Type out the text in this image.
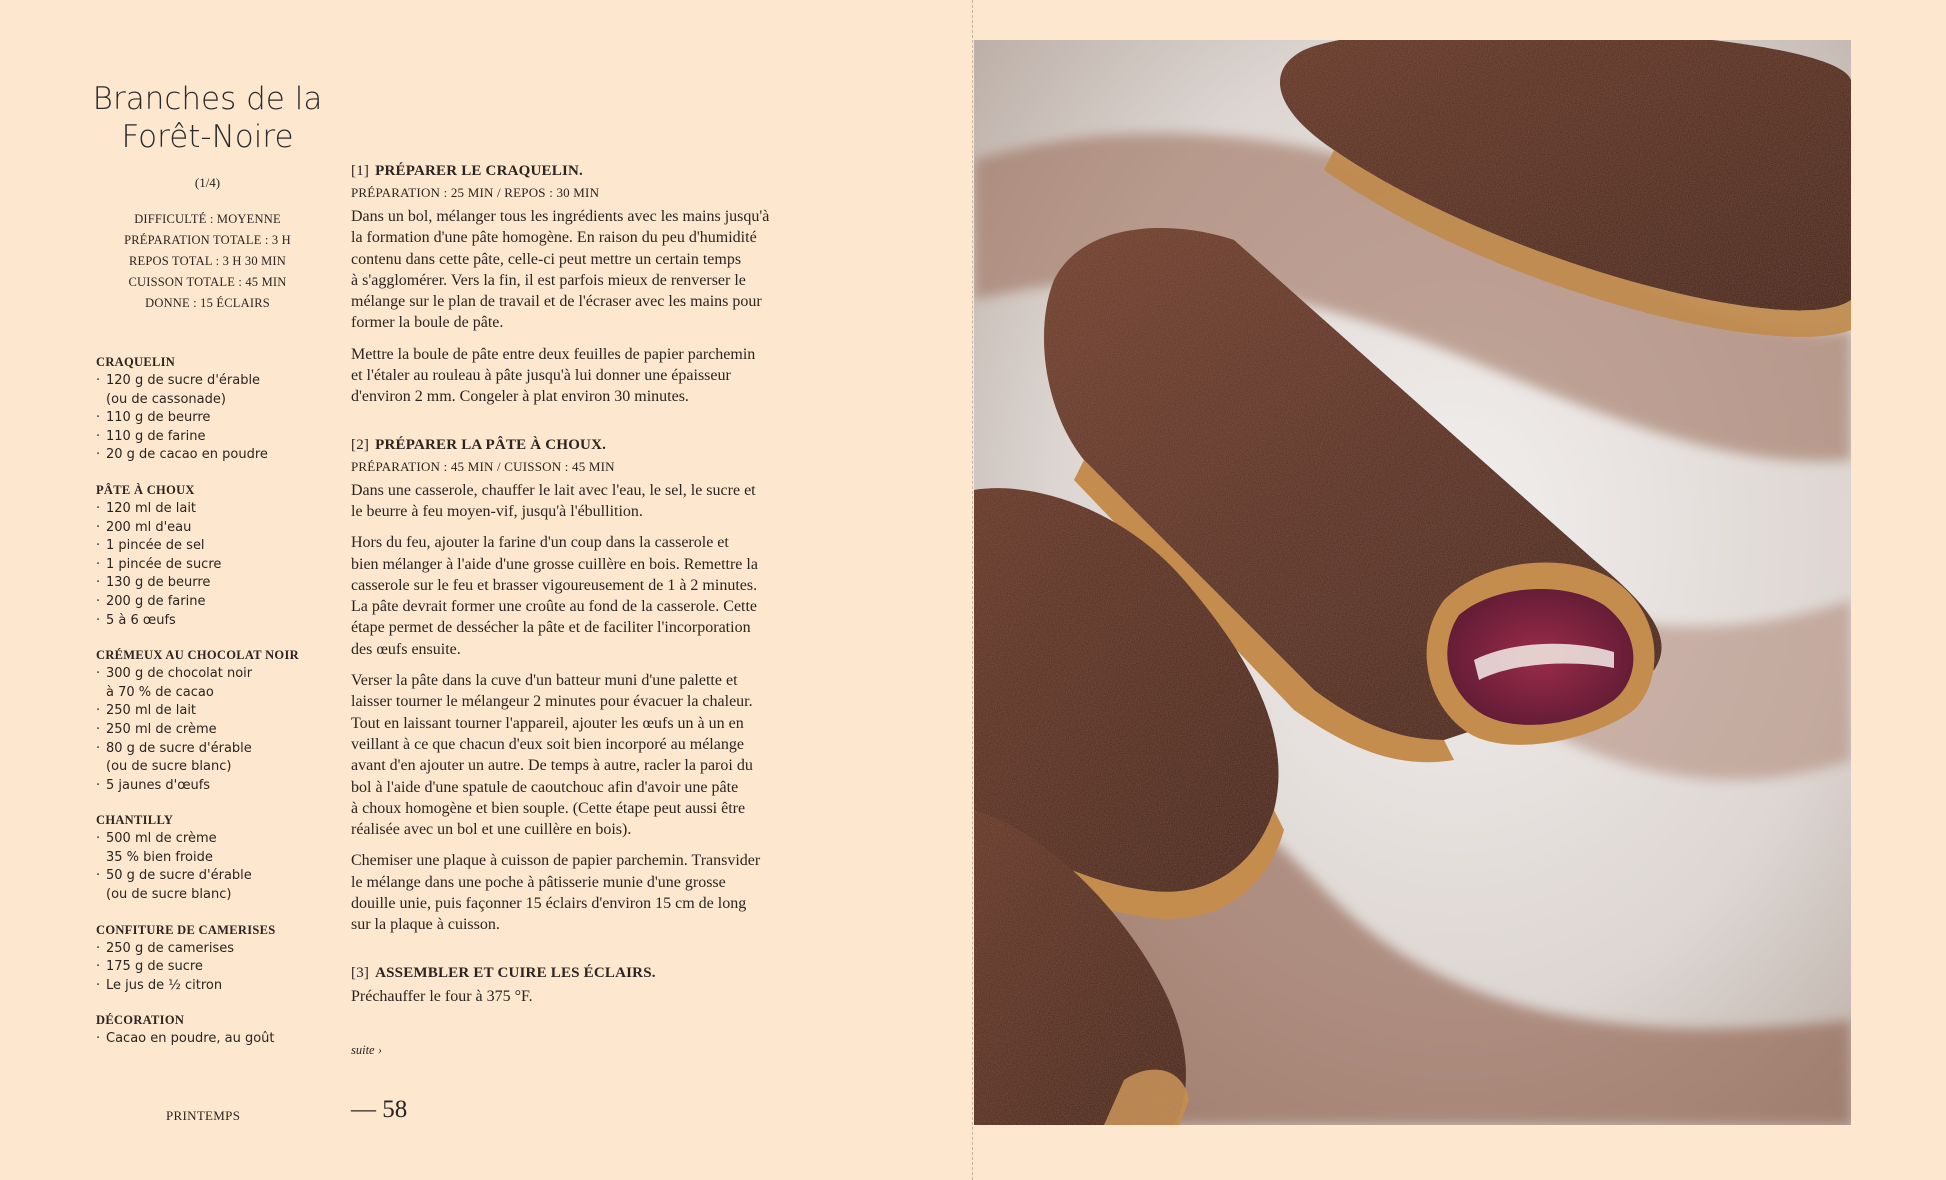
Branches de la
Forêt-Noire
(1/4)
DIFFICULTÉ : MOYENNE
PRÉPARATION TOTALE : 3 H
REPOS TOTAL : 3 H 30 MIN
CUISSON TOTALE : 45 MIN
DONNE : 15 ÉCLAIRS
CRAQUELIN
· 120 g de sucre d'érable
(ou de cassonade)
· 110 g de beurre
· 110 g de farine
· 20 g de cacao en poudre
PÂTE À CHOUX
· 120 ml de lait
· 200 ml d'eau
· 1 pincée de sel
· 1 pincée de sucre
· 130 g de beurre
· 200 g de farine
· 5 à 6 œufs
CRÉMEUX AU CHOCOLAT NOIR
· 300 g de chocolat noir
à 70 % de cacao
· 250 ml de lait
· 250 ml de crème
· 80 g de sucre d'érable
(ou de sucre blanc)
· 5 jaunes d'œufs
CHANTILLY
· 500 ml de crème
35 % bien froide
· 50 g de sucre d'érable
(ou de sucre blanc)
CONFITURE DE CAMERISES
· 250 g de camerises
· 175 g de sucre
· Le jus de ½ citron
DÉCORATION
· Cacao en poudre, au goût
[1] PRÉPARER LE CRAQUELIN.
PRÉPARATION : 25 MIN / REPOS : 30 MIN
Dans un bol, mélanger tous les ingrédients avec les mains jusqu'à
la formation d'une pâte homogène. En raison du peu d'humidité
contenu dans cette pâte, celle-ci peut mettre un certain temps
à s'agglomérer. Vers la fin, il est parfois mieux de renverser le
mélange sur le plan de travail et de l'écraser avec les mains pour
former la boule de pâte.
Mettre la boule de pâte entre deux feuilles de papier parchemin
et l'étaler au rouleau à pâte jusqu'à lui donner une épaisseur
d'environ 2 mm. Congeler à plat environ 30 minutes.
[2] PRÉPARER LA PÂTE À CHOUX.
PRÉPARATION : 45 MIN / CUISSON : 45 MIN
Dans une casserole, chauffer le lait avec l'eau, le sel, le sucre et
le beurre à feu moyen-vif, jusqu'à l'ébullition.
Hors du feu, ajouter la farine d'un coup dans la casserole et
bien mélanger à l'aide d'une grosse cuillère en bois. Remettre la
casserole sur le feu et brasser vigoureusement de 1 à 2 minutes.
La pâte devrait former une croûte au fond de la casserole. Cette
étape permet de dessécher la pâte et de faciliter l'incorporation
des œufs ensuite.
Verser la pâte dans la cuve d'un batteur muni d'une palette et
laisser tourner le mélangeur 2 minutes pour évacuer la chaleur.
Tout en laissant tourner l'appareil, ajouter les œufs un à un en
veillant à ce que chacun d'eux soit bien incorporé au mélange
avant d'en ajouter un autre. De temps à autre, racler la paroi du
bol à l'aide d'une spatule de caoutchouc afin d'avoir une pâte
à choux homogène et bien souple. (Cette étape peut aussi être
réalisée avec un bol et une cuillère en bois).
Chemiser une plaque à cuisson de papier parchemin. Transvider
le mélange dans une poche à pâtisserie munie d'une grosse
douille unie, puis façonner 15 éclairs d'environ 15 cm de long
sur la plaque à cuisson.
[3] ASSEMBLER ET CUIRE LES ÉCLAIRS.
Préchauffer le four à 375 °F.
suite ›
PRINTEMPS	— 58
